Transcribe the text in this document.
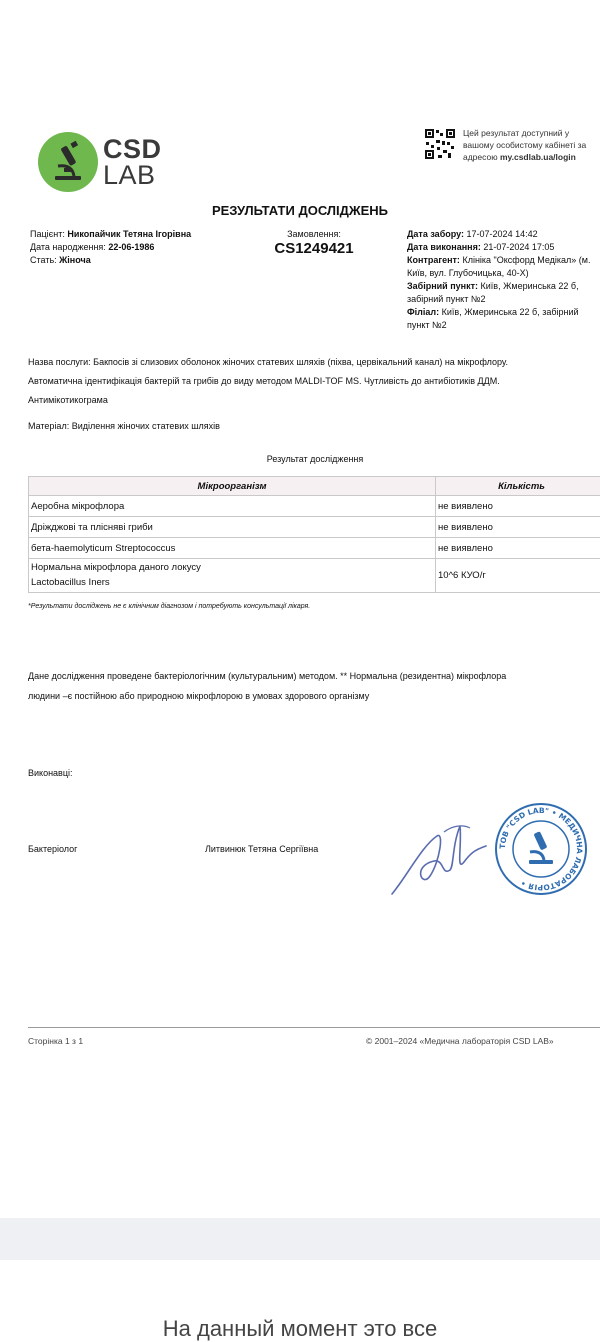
CSD
LAB
Цей результат доступний у
вашому особистому кабінеті за
адресою my.csdlab.ua/login
РЕЗУЛЬТАТИ ДОСЛІДЖЕНЬ
Пацієнт: Никопайчик Тетяна Ігорівна
Дата народження: 22-06-1986
Стать: Жіноча
Замовлення:
CS1249421
Дата забору: 17-07-2024 14:42
Дата виконання: 21-07-2024 17:05
Контрагент: Клініка "Оксфорд Медікал» (м. Київ, вул. Глубочицька, 40-Х)
Забірний пункт: Київ, Жмеринська 22 б, забірний пункт №2
Філіал: Київ, Жмеринська 22 б, забірний пункт №2
Назва послуги: Бакпосів зі слизових оболонок жіночих статевих шляхів (піхва, цервікальний канал) на мікрофлору.
Автоматична ідентифікація бактерій та грибів до виду методом MALDI-TOF MS. Чутливість до антибіотиків ДДМ.
Антимікотикограма
Матеріал: Виділення жіночих статевих шляхів
Результат дослідження
Мікроорганізм	Кількість
Аеробна мікрофлора	не виявлено
Дріжджові та плісняві гриби	не виявлено
бета-haemolyticum Streptococcus	не виявлено

Нормальна мікрофлора даного локусу
Lactobacillus Iners	10^6 КУО/г
*Результати досліджень не є клінічним діагнозом і потребують консультації лікаря.
Дане дослідження проведене бактеріологічним (культуральним) методом. ** Нормальна (резидентна) мікрофлора
людини –є постійною або природною мікрофлорою в умовах здорового організму
Виконавці:
Бактеріолог	Литвинюк Тетяна Сергіївна	ТОВ "CSD LAB" • МЕДИЧНА ЛАБОРАТОРІЯ •
Сторінка 1 з 1	© 2001–2024 «Медична лабораторія CSD LAB»
На данный момент это все
